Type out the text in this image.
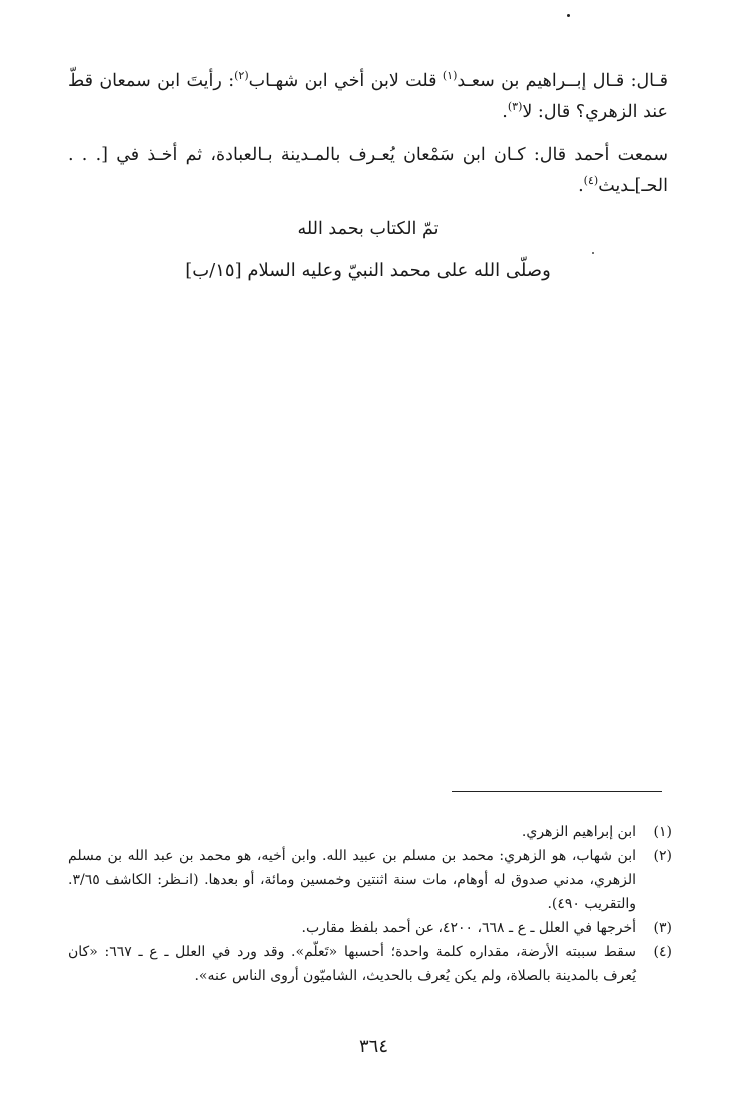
قـال: قـال إبــراهيم بن سعـد$^{(١)}$ قلت لابن أخي ابن شهـاب$^{(٢)}$: رأيتَ ابن سمعان قطّ عند الزهري؟ قال: لا$^{(٣)}$.

سمعت أحمد قال: كـان ابن سَمْعان يُعـرف بالمـدينة بـالعبادة، ثم أخـذ في [. . . الحـ]ـديث$^{(٤)}$.

تمّ الكتاب بحمد الله

وصلّى الله على محمد النبيّ وعليه السلام [١٥/ب]

(١)
ابن إبراهيم الزهري.
(٢)
ابن شهاب، هو الزهري: محمد بن مسلم بن عبيد الله. وابن أخيه، هو محمد بن عبد الله بن مسلم الزهري، مدني صدوق له أوهام، مات سنة اثنتين وخمسين ومائة، أو بعدها. (انـظر: الكاشف ٣/٦٥. والتقريب ٤٩٠).
(٣)
أخرجها في العلل ـ ع ـ ٦٦٨، ٤٢٠٠، عن أحمد بلفظ مقارب.
(٤)
سقط سببته الأرضة، مقداره كلمة واحدة؛ أحسبها «تَعلّم». وقد ورد في العلل ـ ع ـ ٦٦٧: «كان يُعرف بالمدينة بالصلاة، ولم يكن يُعرف بالحديث، الشاميّون أروى الناس عنه».
٣٦٤
